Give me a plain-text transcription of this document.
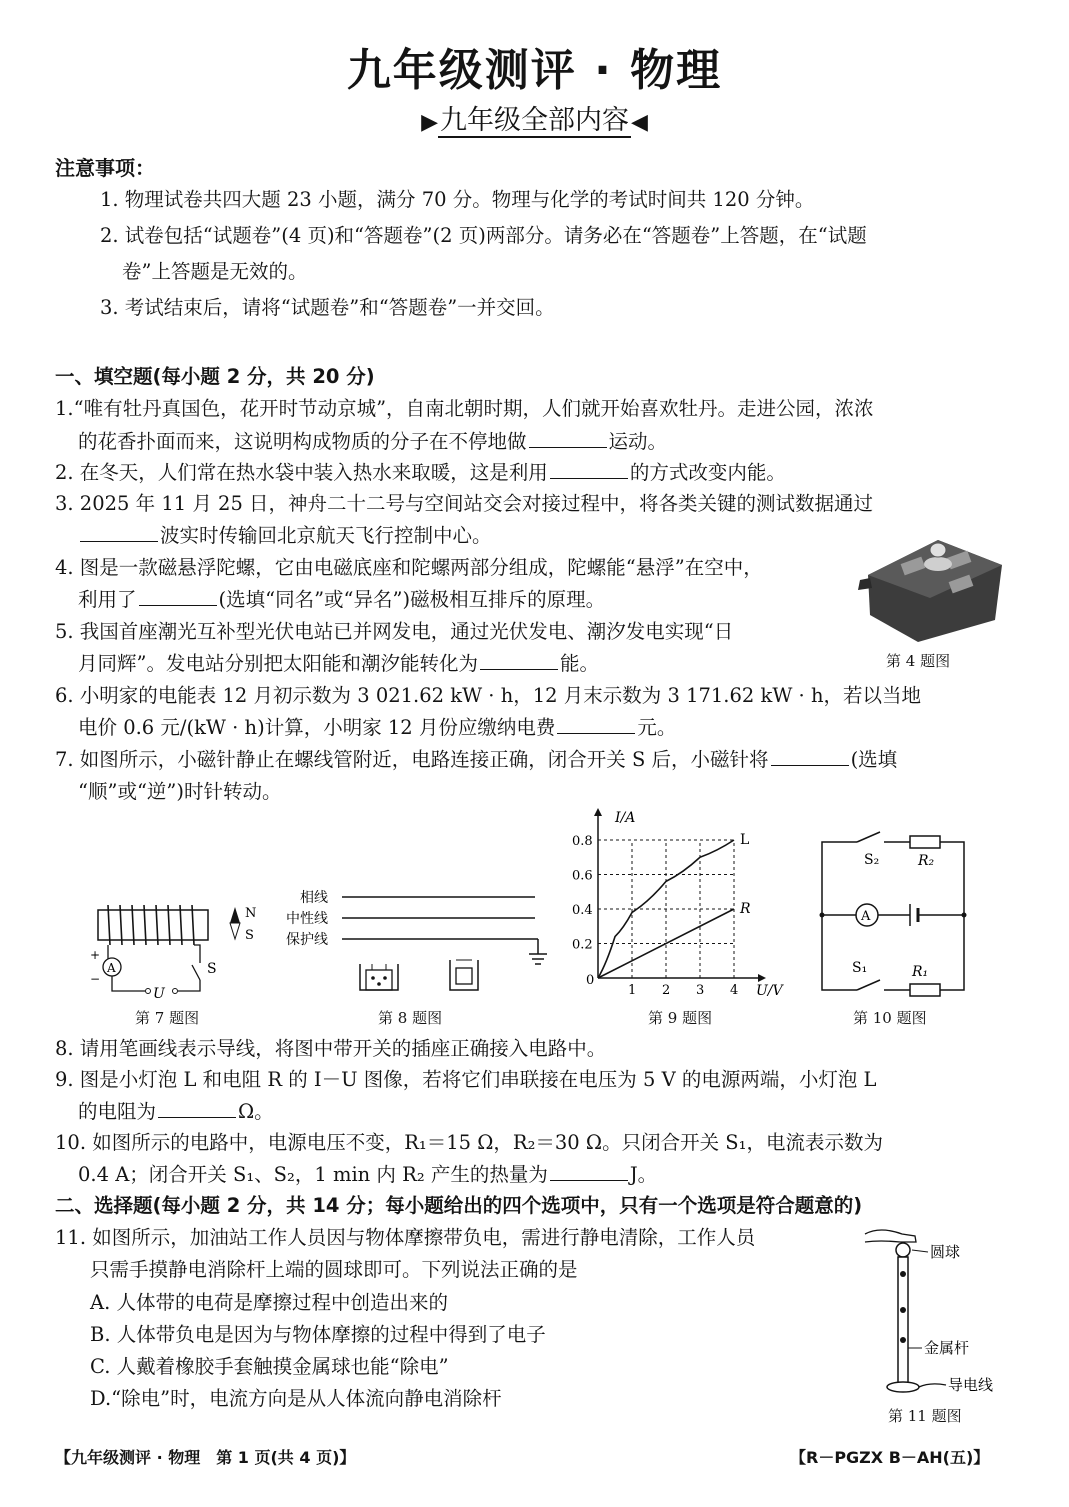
九年级测评 · 物理
▶九年级全部内容◀
注意事项：
1. 物理试卷共四大题 23 小题，满分 70 分。物理与化学的考试时间共 120 分钟。
2. 试卷包括“试题卷”(4 页)和“答题卷”(2 页)两部分。请务必在“答题卷”上答题，在“试题
卷”上答题是无效的。
3. 考试结束后，请将“试题卷”和“答题卷”一并交回。
一、填空题(每小题 2 分，共 20 分)
1.“唯有牡丹真国色，花开时节动京城”，自南北朝时期，人们就开始喜欢牡丹。走进公园，浓浓
的花香扑面而来，这说明构成物质的分子在不停地做	运动。
2. 在冬天，人们常在热水袋中装入热水来取暖，这是利用	的方式改变内能。
3. 2025 年 11 月 25 日，神舟二十二号与空间站交会对接过程中，将各类关键的测试数据通过
波实时传输回北京航天飞行控制中心。
4. 图是一款磁悬浮陀螺，它由电磁底座和陀螺两部分组成，陀螺能“悬浮”在空中，
利用了	(选填“同名”或“异名”)磁极相互排斥的原理。
5. 我国首座潮光互补型光伏电站已并网发电，通过光伏发电、潮汐发电实现“日
月同辉”。发电站分别把太阳能和潮汐能转化为	能。
6. 小明家的电能表 12 月初示数为 3 021.62 kW · h，12 月末示数为 3 171.62 kW · h，若以当地
电价 0.6 元/(kW · h)计算，小明家 12 月份应缴纳电费	元。
7. 如图所示，小磁针静止在螺线管附近，电路连接正确，闭合开关 S 后，小磁针将	(选填
“顺”或“逆”)时针转动。
第 4 题图
A
+
−
U
S
N
S
第 7 题图
相线
中性线
保护线
第 8 题图
I/A
U/V
0
1 2 3 4
0.2
0.4
0.6
0.8	L
R
第 9 题图
S₂	R₂
A
S₁	R₁
第 10 题图
8. 请用笔画线表示导线，将图中带开关的插座正确接入电路中。
9. 图是小灯泡 L 和电阻 R 的 I－U 图像，若将它们串联接在电压为 5 V 的电源两端，小灯泡 L
的电阻为	Ω。
10. 如图所示的电路中，电源电压不变，R₁＝15 Ω，R₂＝30 Ω。只闭合开关 S₁，电流表示数为
0.4 A；闭合开关 S₁、S₂，1 min 内 R₂ 产生的热量为	J。
二、选择题(每小题 2 分，共 14 分；每小题给出的四个选项中，只有一个选项是符合题意的)
11. 如图所示，加油站工作人员因与物体摩擦带负电，需进行静电清除，工作人员
只需手摸静电消除杆上端的圆球即可。下列说法正确的是
A. 人体带的电荷是摩擦过程中创造出来的
B. 人体带负电是因为与物体摩擦的过程中得到了电子
C. 人戴着橡胶手套触摸金属球也能“除电”
D.“除电”时，电流方向是从人体流向静电消除杆
圆球
金属杆
导电线
第 11 题图
【九年级测评 · 物理　第 1 页(共 4 页)】	【R－PGZX B－AH(五)】
